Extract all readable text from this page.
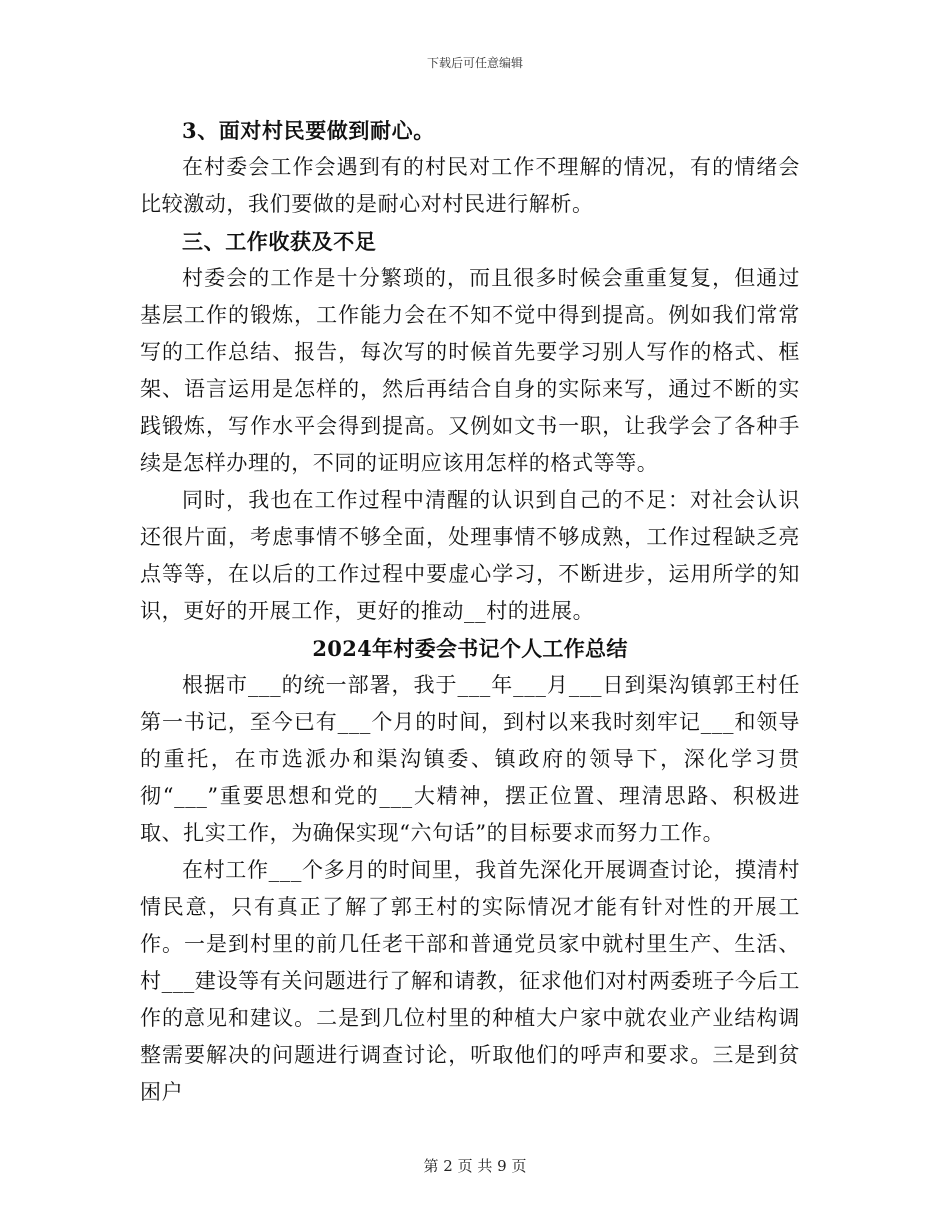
下载后可任意编辑

3、面对村民要做到耐心。

在村委会工作会遇到有的村民对工作不理解的情况，有的情绪会比较激动，我们要做的是耐心对村民进行解析。

三、工作收获及不足

村委会的工作是十分繁琐的，而且很多时候会重重复复，但通过基层工作的锻炼，工作能力会在不知不觉中得到提高。例如我们常常写的工作总结、报告，每次写的时候首先要学习别人写作的格式、框架、语言运用是怎样的，然后再结合自身的实际来写，通过不断的实践锻炼，写作水平会得到提高。又例如文书一职，让我学会了各种手续是怎样办理的，不同的证明应该用怎样的格式等等。

同时，我也在工作过程中清醒的认识到自己的不足：对社会认识还很片面，考虑事情不够全面，处理事情不够成熟，工作过程缺乏亮点等等，在以后的工作过程中要虚心学习，不断进步，运用所学的知识，更好的开展工作，更好的推动__村的进展。

2024年村委会书记个人工作总结

根据市___的统一部署，我于___年___月___日到渠沟镇郭王村任第一书记，至今已有___个月的时间，到村以来我时刻牢记___和领导的重托，在市选派办和渠沟镇委、镇政府的领导下，深化学习贯彻“___”重要思想和党的___大精神，摆正位置、理清思路、积极进取、扎实工作，为确保实现“六句话”的目标要求而努力工作。

在村工作___个多月的时间里，我首先深化开展调查讨论，摸清村情民意，只有真正了解了郭王村的实际情况才能有针对性的开展工作。一是到村里的前几任老干部和普通党员家中就村里生产、生活、村___建设等有关问题进行了解和请教，征求他们对村两委班子今后工作的意见和建议。二是到几位村里的种植大户家中就农业产业结构调整需要解决的问题进行调查讨论，听取他们的呼声和要求。三是到贫困户

第 2 页 共 9 页
